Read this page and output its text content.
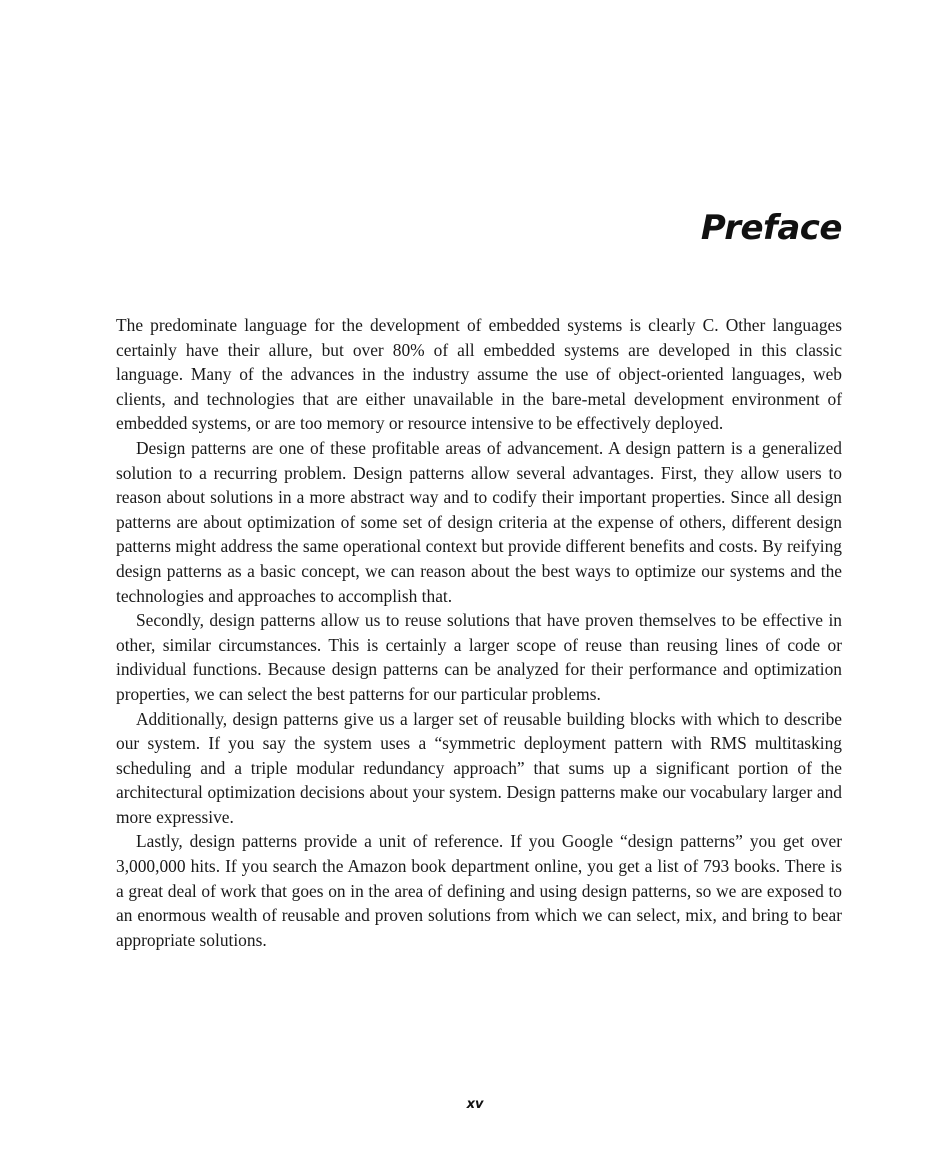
Preface

The predominate language for the development of embedded systems is clearly C. Other languages certainly have their allure, but over 80% of all embedded systems are developed in this classic language. Many of the advances in the industry assume the use of object-oriented languages, web clients, and technologies that are either unavailable in the bare-metal development environment of embedded systems, or are too memory or resource intensive to be effectively deployed.

Design patterns are one of these profitable areas of advancement. A design pattern is a generalized solution to a recurring problem. Design patterns allow several advantages. First, they allow users to reason about solutions in a more abstract way and to codify their important properties. Since all design patterns are about optimization of some set of design criteria at the expense of others, different design patterns might address the same operational context but provide different benefits and costs. By reifying design patterns as a basic concept, we can reason about the best ways to optimize our systems and the technologies and approaches to accomplish that.

Secondly, design patterns allow us to reuse solutions that have proven themselves to be effective in other, similar circumstances. This is certainly a larger scope of reuse than reusing lines of code or individual functions. Because design patterns can be analyzed for their performance and optimization properties, we can select the best patterns for our particular problems.

Additionally, design patterns give us a larger set of reusable building blocks with which to describe our system. If you say the system uses a “symmetric deployment pattern with RMS multitasking scheduling and a triple modular redundancy approach” that sums up a significant portion of the architectural optimization decisions about your system. Design patterns make our vocabulary larger and more expressive.

Lastly, design patterns provide a unit of reference. If you Google “design patterns” you get over 3,000,000 hits. If you search the Amazon book department online, you get a list of 793 books. There is a great deal of work that goes on in the area of defining and using design patterns, so we are exposed to an enormous wealth of reusable and proven solutions from which we can select, mix, and bring to bear appropriate solutions.

xv
